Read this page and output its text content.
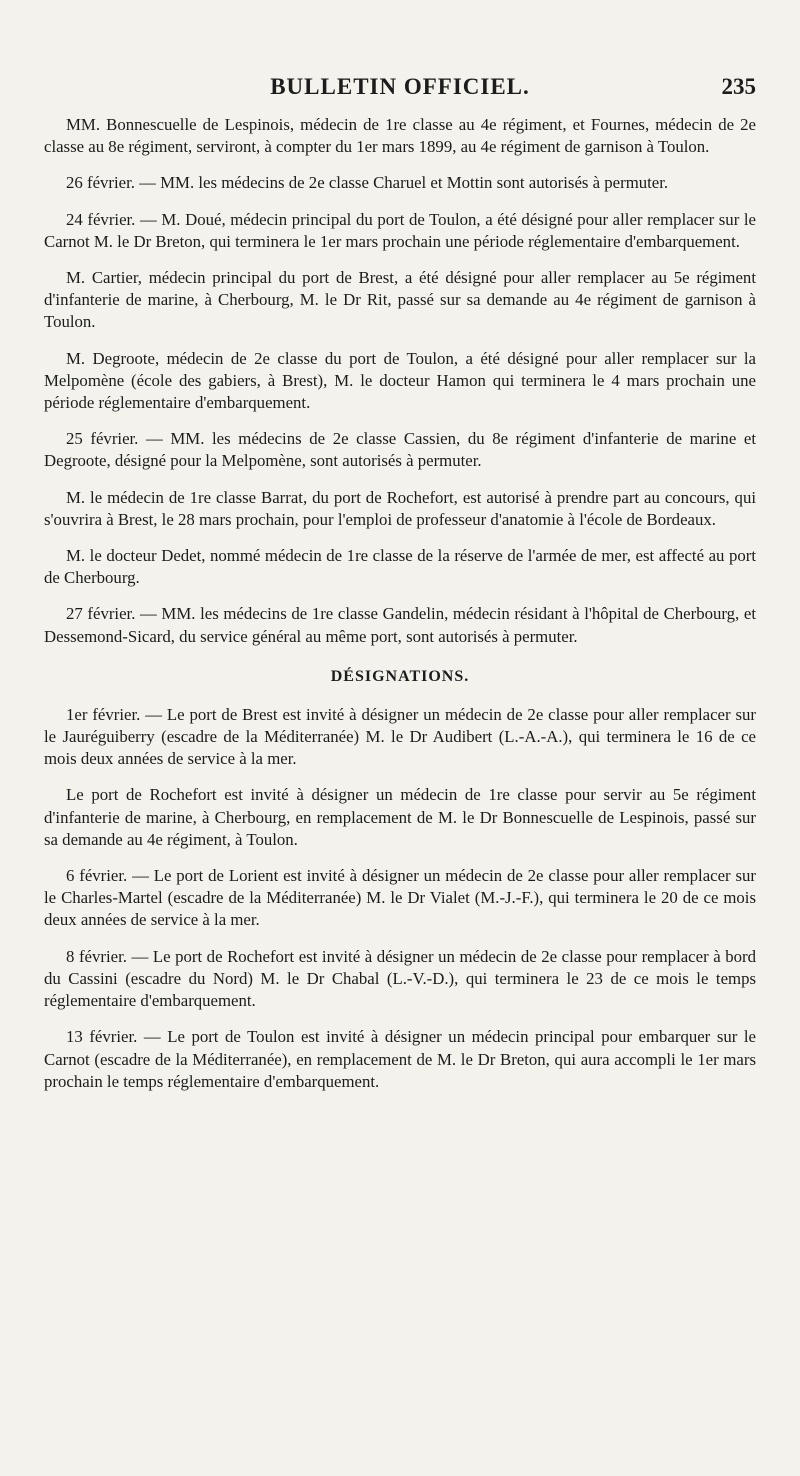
BULLETIN OFFICIEL.	235

MM. Bonnescuelle de Lespinois, médecin de 1re classe au 4e régiment, et Fournes, médecin de 2e classe au 8e régiment, serviront, à compter du 1er mars 1899, au 4e régiment de garnison à Toulon.

26 février. — MM. les médecins de 2e classe Charuel et Mottin sont autorisés à permuter.

24 février. — M. Doué, médecin principal du port de Toulon, a été désigné pour aller remplacer sur le Carnot M. le Dr Breton, qui terminera le 1er mars prochain une période réglementaire d'embarquement.

M. Cartier, médecin principal du port de Brest, a été désigné pour aller remplacer au 5e régiment d'infanterie de marine, à Cherbourg, M. le Dr Rit, passé sur sa demande au 4e régiment de garnison à Toulon.

M. Degroote, médecin de 2e classe du port de Toulon, a été désigné pour aller remplacer sur la Melpomène (école des gabiers, à Brest), M. le docteur Hamon qui terminera le 4 mars prochain une période réglementaire d'embarquement.

25 février. — MM. les médecins de 2e classe Cassien, du 8e régiment d'infanterie de marine et Degroote, désigné pour la Melpomène, sont autorisés à permuter.

M. le médecin de 1re classe Barrat, du port de Rochefort, est autorisé à prendre part au concours, qui s'ouvrira à Brest, le 28 mars prochain, pour l'emploi de professeur d'anatomie à l'école de Bordeaux.

M. le docteur Dedet, nommé médecin de 1re classe de la réserve de l'armée de mer, est affecté au port de Cherbourg.

27 février. — MM. les médecins de 1re classe Gandelin, médecin résidant à l'hôpital de Cherbourg, et Dessemond-Sicard, du service général au même port, sont autorisés à permuter.

DÉSIGNATIONS.

1er février. — Le port de Brest est invité à désigner un médecin de 2e classe pour aller remplacer sur le Jauréguiberry (escadre de la Méditerranée) M. le Dr Audibert (L.-A.-A.), qui terminera le 16 de ce mois deux années de service à la mer.

Le port de Rochefort est invité à désigner un médecin de 1re classe pour servir au 5e régiment d'infanterie de marine, à Cherbourg, en remplacement de M. le Dr Bonnescuelle de Lespinois, passé sur sa demande au 4e régiment, à Toulon.

6 février. — Le port de Lorient est invité à désigner un médecin de 2e classe pour aller remplacer sur le Charles-Martel (escadre de la Méditerranée) M. le Dr Vialet (M.-J.-F.), qui terminera le 20 de ce mois deux années de service à la mer.

8 février. — Le port de Rochefort est invité à désigner un médecin de 2e classe pour remplacer à bord du Cassini (escadre du Nord) M. le Dr Chabal (L.-V.-D.), qui terminera le 23 de ce mois le temps réglementaire d'embarquement.

13 février. — Le port de Toulon est invité à désigner un médecin principal pour embarquer sur le Carnot (escadre de la Méditerranée), en remplacement de M. le Dr Breton, qui aura accompli le 1er mars prochain le temps réglementaire d'embarquement.
